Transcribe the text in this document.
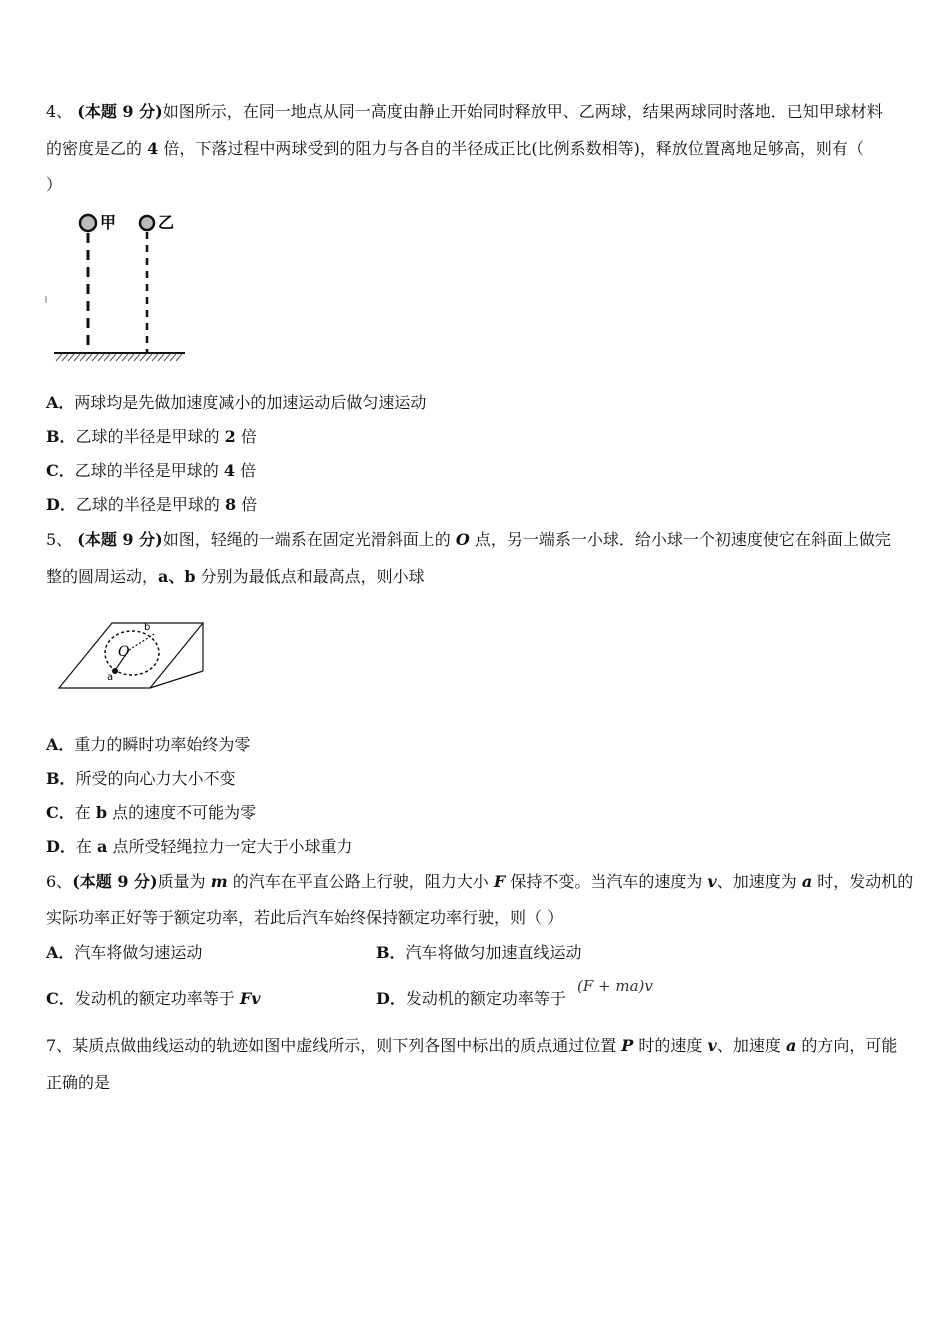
4、 (本题 9 分)如图所示，在同一地点从同一高度由静止开始同时释放甲、乙两球，结果两球同时落地．已知甲球材料
的密度是乙的 4 倍，下落过程中两球受到的阻力与各自的半径成正比(比例系数相等)，释放位置离地足够高，则有（
）
甲	乙
A．两球均是先做加速度减小的加速运动后做匀速运动
B．乙球的半径是甲球的 2 倍
C．乙球的半径是甲球的 4 倍
D．乙球的半径是甲球的 8 倍
5、 (本题 9 分)如图，轻绳的一端系在固定光滑斜面上的 O 点，另一端系一小球．给小球一个初速度使它在斜面上做完
整的圆周运动，a、b 分别为最低点和最高点，则小球
O
a
b
A．重力的瞬时功率始终为零
B．所受的向心力大小不变
C．在 b 点的速度不可能为零
D．在 a 点所受轻绳拉力一定大于小球重力
6、(本题 9 分)质量为 m 的汽车在平直公路上行驶，阻力大小 F 保持不变。当汽车的速度为 v、加速度为 a 时，发动机的
实际功率正好等于额定功率，若此后汽车始终保持额定功率行驶，则（ ）
A．汽车将做匀速运动	B．汽车将做匀加速直线运动
C．发动机的额定功率等于 Fv	D．发动机的额定功率等于
(F + ma)v
7、某质点做曲线运动的轨迹如图中虚线所示，则下列各图中标出的质点通过位置 P 时的速度 v、加速度 a 的方向，可能
正确的是
